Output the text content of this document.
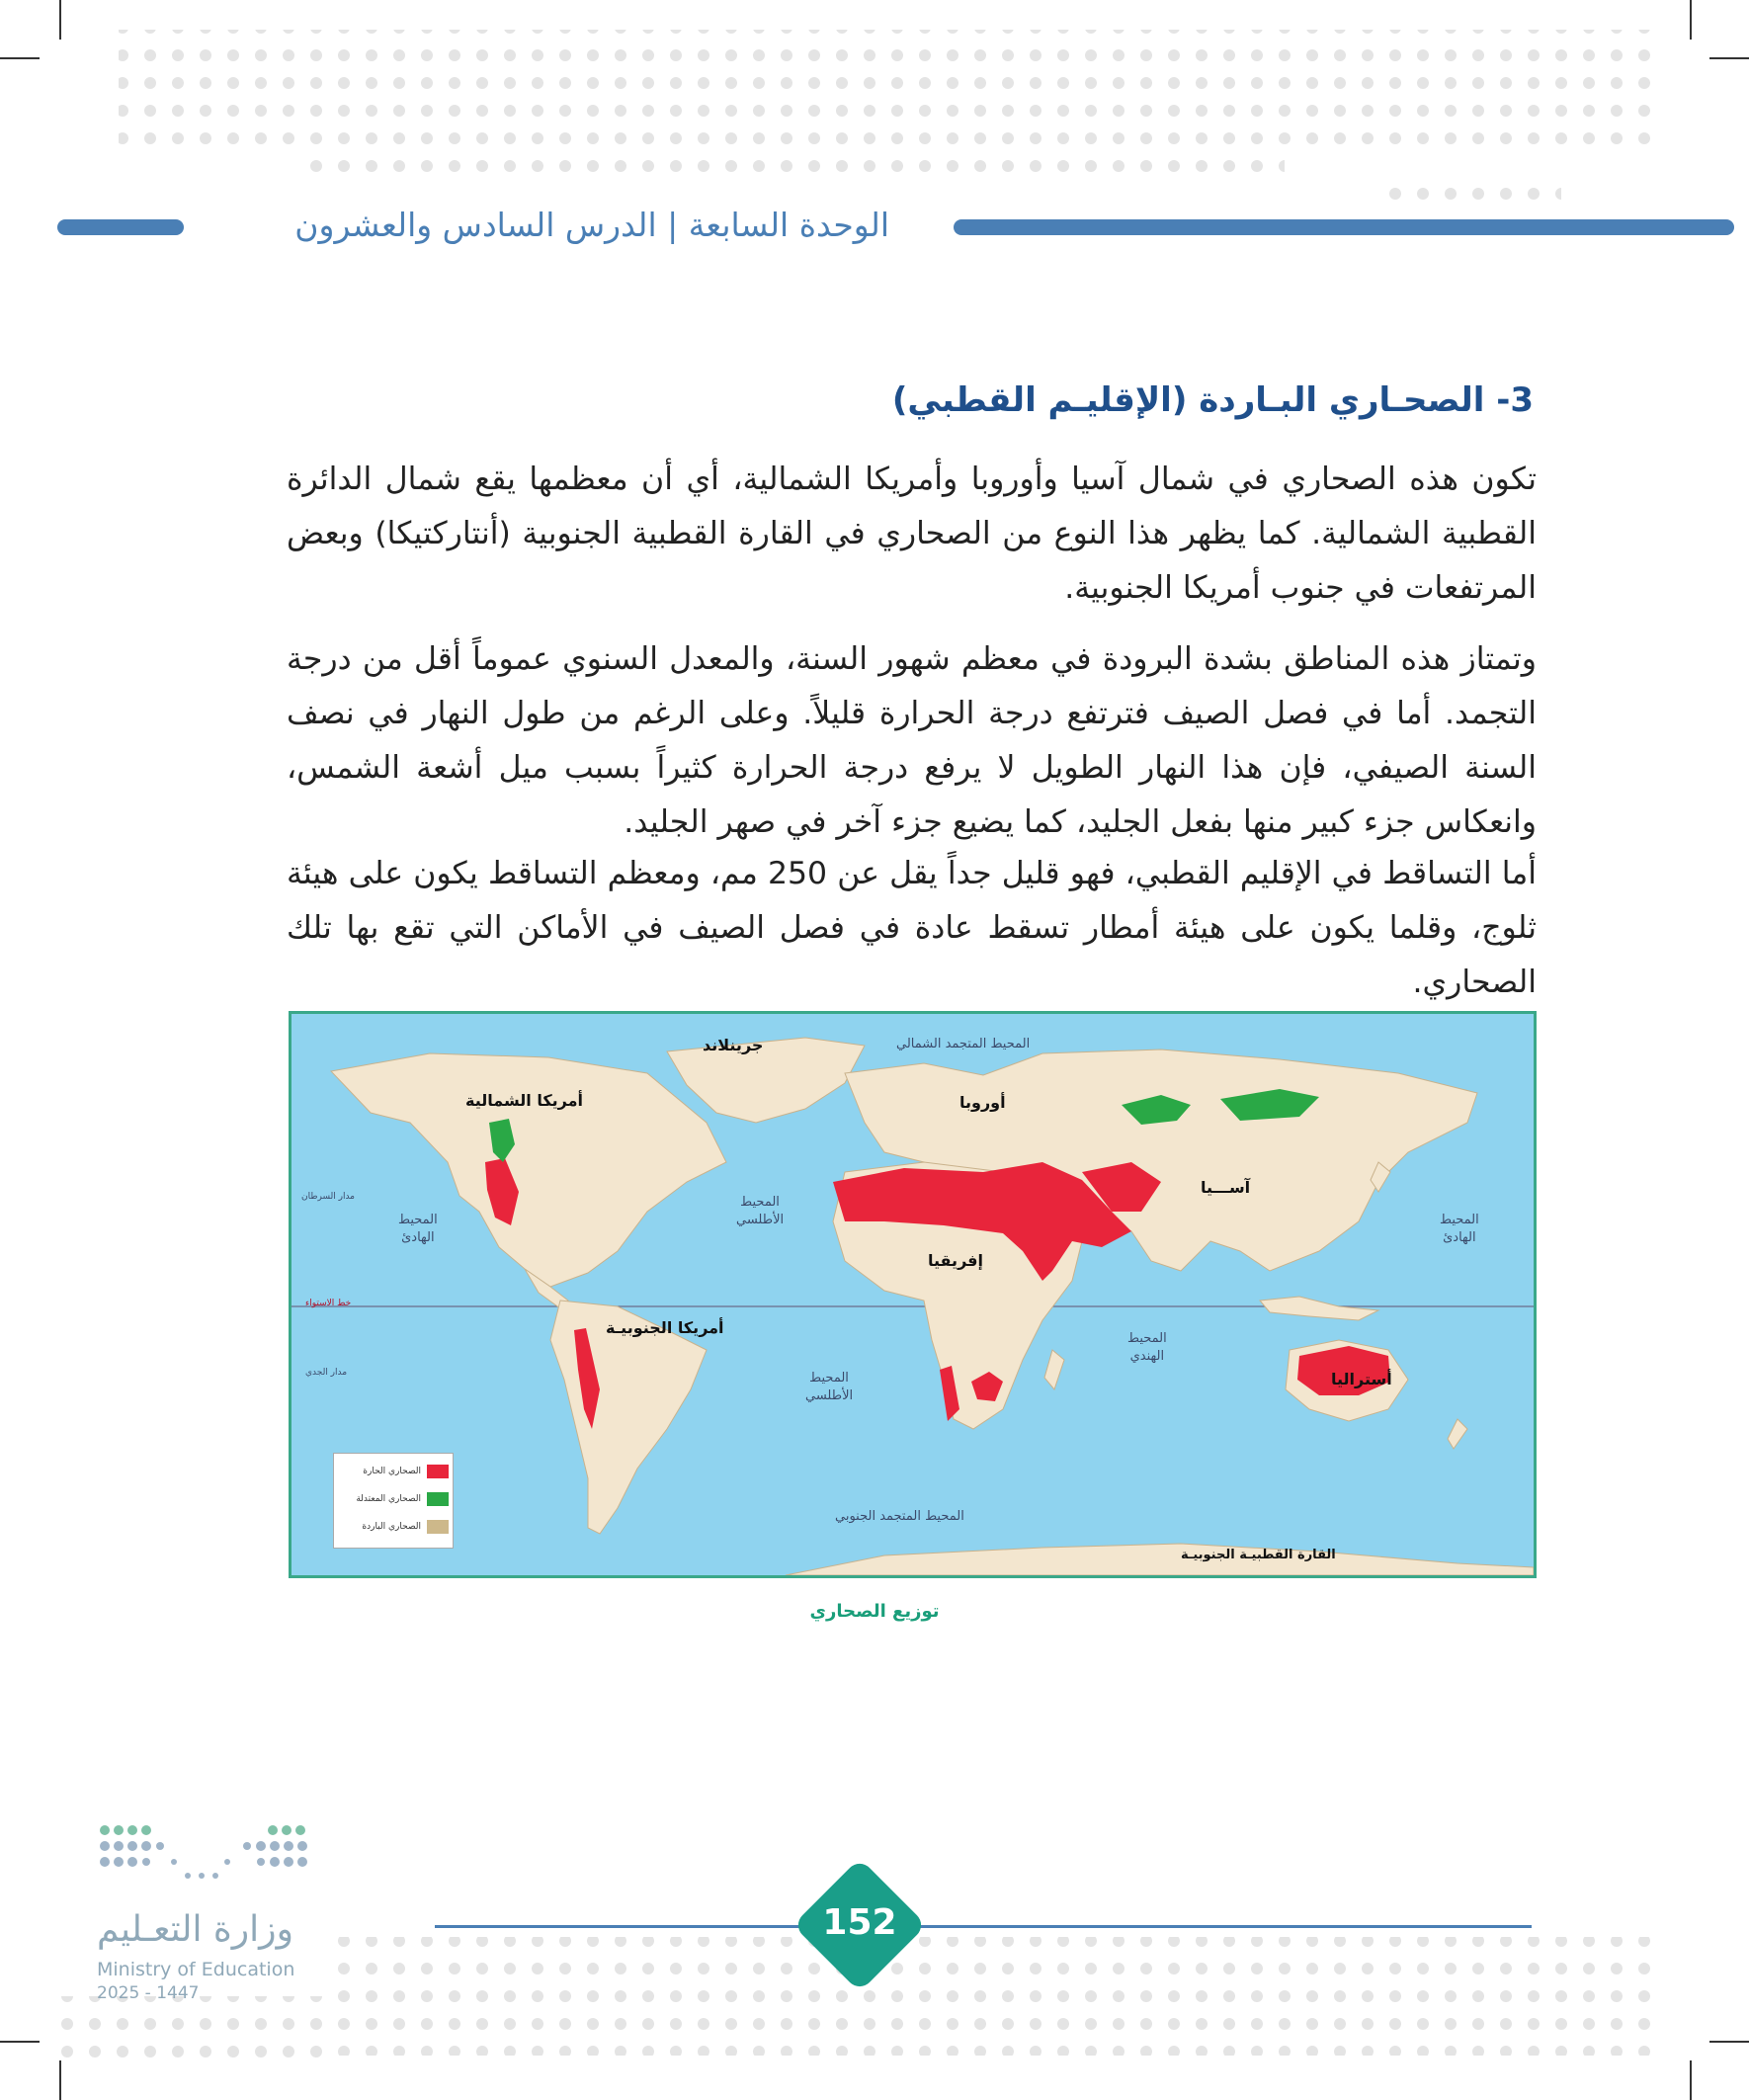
الوحدة السابعة | الدرس السادس والعشرون
3- الصحـاري البـاردة (الإقليـم القطبي)

تكون هذه الصحاري في شمال آسيا وأوروبا وأمريكا الشمالية، أي أن معظمها يقع شمال الدائرة القطبية الشمالية. كما يظهر هذا النوع من الصحاري في القارة القطبية الجنوبية (أنتاركتيكا) وبعض المرتفعات في جنوب أمريكا الجنوبية.

وتمتاز هذه المناطق بشدة البرودة في معظم شهور السنة، والمعدل السنوي عموماً أقل من درجة التجمد. أما في فصل الصيف فترتفع درجة الحرارة قليلاً. وعلى الرغم من طول النهار في نصف السنة الصيفي، فإن هذا النهار الطويل لا يرفع درجة الحرارة كثيراً بسبب ميل أشعة الشمس، وانعكاس جزء كبير منها بفعل الجليد، كما يضيع جزء آخر في صهر الجليد.

أما التساقط في الإقليم القطبي، فهو قليل جداً يقل عن 250 مم، ومعظم التساقط يكون على هيئة ثلوج، وقلما يكون على هيئة أمطار تسقط عادة في فصل الصيف في الأماكن التي تقع بها تلك الصحاري.

جرينلاند	المحيط المتجمد الشمالي
أمريكا الشمالية	أوروبا
آســـيا
إفريقيا
أمريكا الجنوبيـة
أستراليا
القارة القطبيـة الجنوبيـة
المحيط المتجمد الجنوبي
المحيط
الهادئ
المحيط
الهادئ
المحيط
الأطلسي
المحيط
الأطلسي
المحيط
الهندي
مدار السرطان
خط الاستواء
مدار الجدي
الصحاري الحارة
الصحاري المعتدلة
الصحاري الباردة
توزيع الصحاري
وزارة التعـليم
Ministry of Education
2025 - 1447
152
